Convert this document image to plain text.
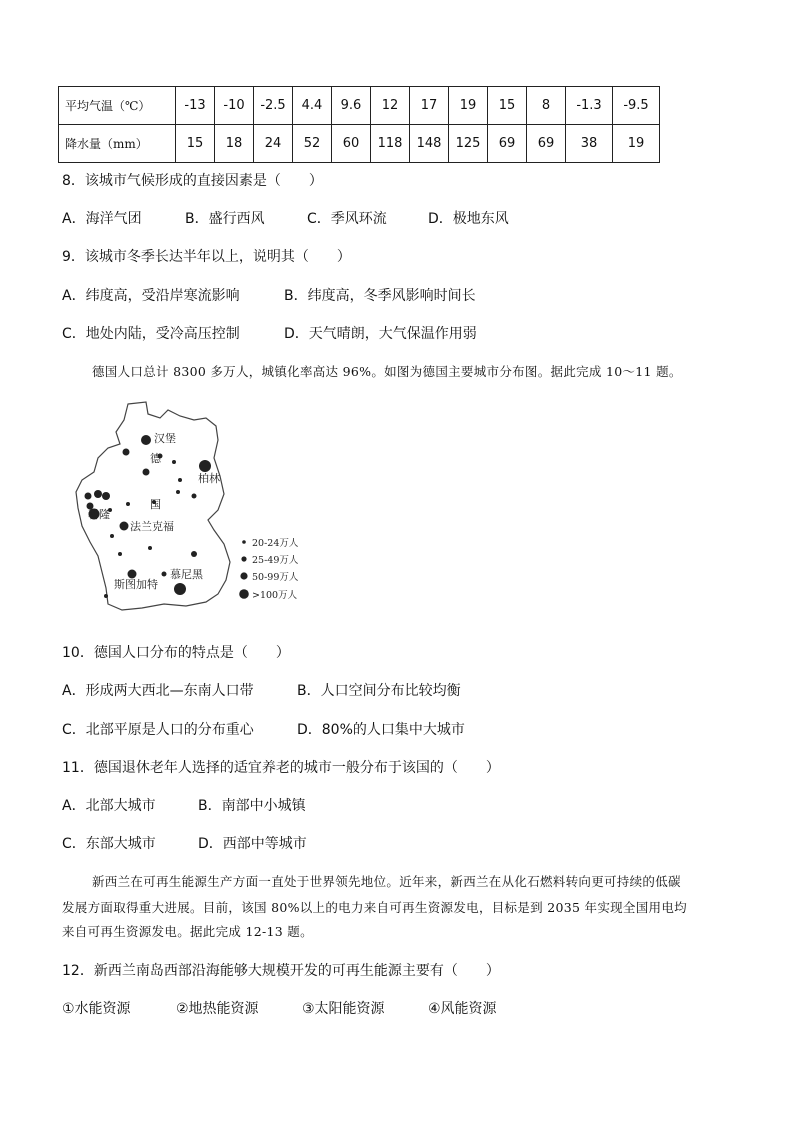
平均气温（℃）	-13	-10	-2.5	4.4	9.6	12	17	19	15	8	-1.3	-9.5
降水量（mm）	15	18	24	52	60	118	148	125	69	69	38	19
8．该城市气候形成的直接因素是（　　）
A．海洋气团	B．盛行西风	C．季风环流	D．极地东风
9．该城市冬季长达半年以上，说明其（　　）
A．纬度高，受沿岸寒流影响	B．纬度高，冬季风影响时间长
C．地处内陆，受冷高压控制	D．天气晴朗，大气保温作用弱
德国人口总计 8300 多万人，城镇化率高达 96%。如图为德国主要城市分布图。据此完成 10～11 题。
汉堡
德
柏林
国
科隆
法兰克福
斯图加特
慕尼黑
20-24万人
25-49万人
50-99万人
>100万人
10．德国人口分布的特点是（　　）
A．形成两大西北—东南人口带	B．人口空间分布比较均衡
C．北部平原是人口的分布重心	D．80%的人口集中大城市
11．德国退休老年人选择的适宜养老的城市一般分布于该国的（　　）
A．北部大城市	B．南部中小城镇
C．东部大城市	D．西部中等城市
新西兰在可再生能源生产方面一直处于世界领先地位。近年来，新西兰在从化石燃料转向更可持续的低碳
发展方面取得重大进展。目前，该国 80%以上的电力来自可再生资源发电，目标是到 2035 年实现全国用电均
来自可再生资源发电。据此完成 12-13 题。
12．新西兰南岛西部沿海能够大规模开发的可再生能源主要有（　　）
①水能资源	②地热能资源	③太阳能资源	④风能资源
